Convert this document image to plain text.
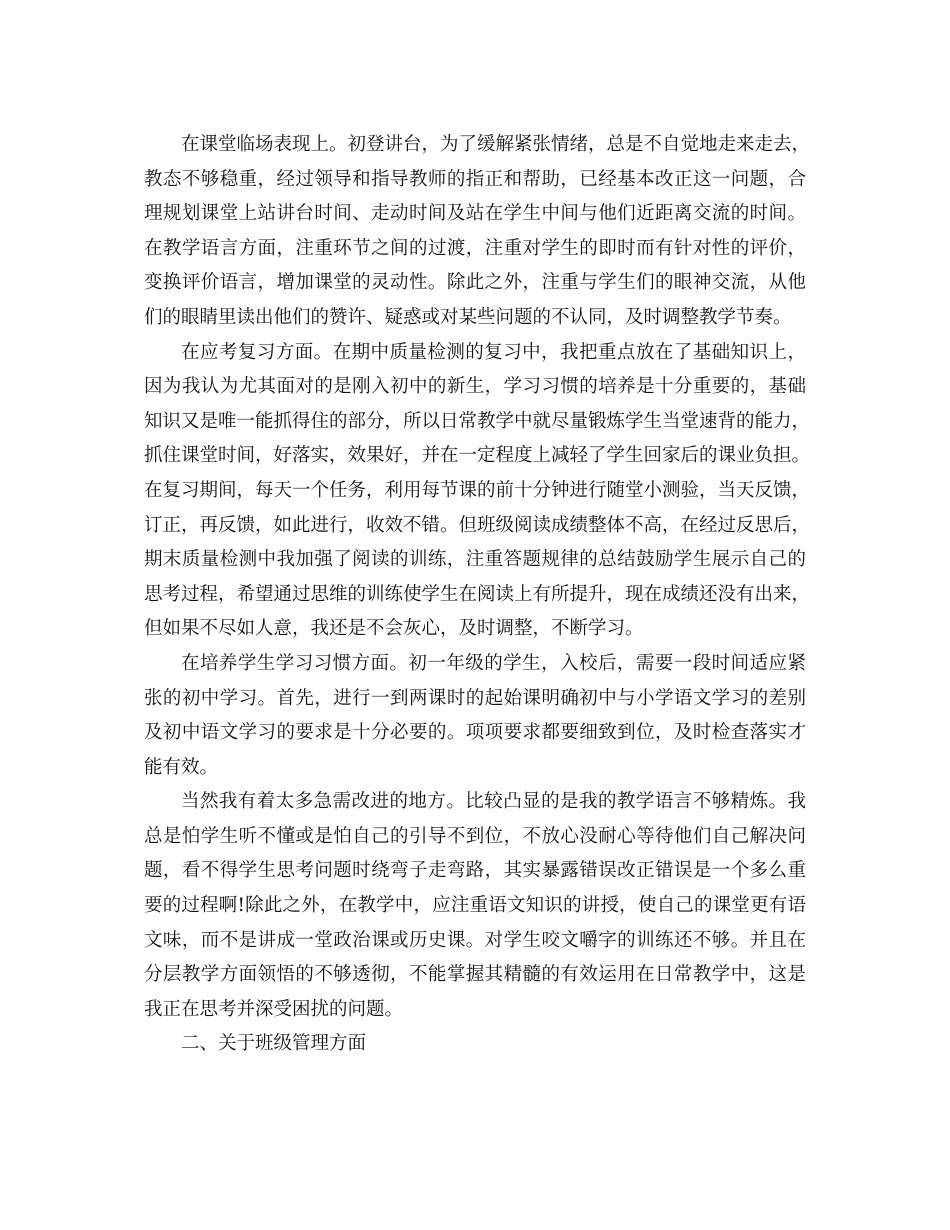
在课堂临场表现上。初登讲台，为了缓解紧张情绪，总是不自觉地走来走去，
教态不够稳重，经过领导和指导教师的指正和帮助，已经基本改正这一问题，合
理规划课堂上站讲台时间、走动时间及站在学生中间与他们近距离交流的时间。
在教学语言方面，注重环节之间的过渡，注重对学生的即时而有针对性的评价，
变换评价语言，增加课堂的灵动性。除此之外，注重与学生们的眼神交流，从他
们的眼睛里读出他们的赞许、疑惑或对某些问题的不认同，及时调整教学节奏。
在应考复习方面。在期中质量检测的复习中，我把重点放在了基础知识上，
因为我认为尤其面对的是刚入初中的新生，学习习惯的培养是十分重要的，基础
知识又是唯一能抓得住的部分，所以日常教学中就尽量锻炼学生当堂速背的能力，
抓住课堂时间，好落实，效果好，并在一定程度上减轻了学生回家后的课业负担。
在复习期间，每天一个任务，利用每节课的前十分钟进行随堂小测验，当天反馈，
订正，再反馈，如此进行，收效不错。但班级阅读成绩整体不高，在经过反思后，
期末质量检测中我加强了阅读的训练，注重答题规律的总结鼓励学生展示自己的
思考过程，希望通过思维的训练使学生在阅读上有所提升，现在成绩还没有出来，
但如果不尽如人意，我还是不会灰心，及时调整，不断学习。
在培养学生学习习惯方面。初一年级的学生，入校后，需要一段时间适应紧
张的初中学习。首先，进行一到两课时的起始课明确初中与小学语文学习的差别
及初中语文学习的要求是十分必要的。项项要求都要细致到位，及时检查落实才
能有效。
当然我有着太多急需改进的地方。比较凸显的是我的教学语言不够精炼。我
总是怕学生听不懂或是怕自己的引导不到位，不放心没耐心等待他们自己解决问
题，看不得学生思考问题时绕弯子走弯路，其实暴露错误改正错误是一个多么重
要的过程啊!除此之外，在教学中，应注重语文知识的讲授，使自己的课堂更有语
文味，而不是讲成一堂政治课或历史课。对学生咬文嚼字的训练还不够。并且在
分层教学方面领悟的不够透彻，不能掌握其精髓的有效运用在日常教学中，这是
我正在思考并深受困扰的问题。
二、关于班级管理方面
